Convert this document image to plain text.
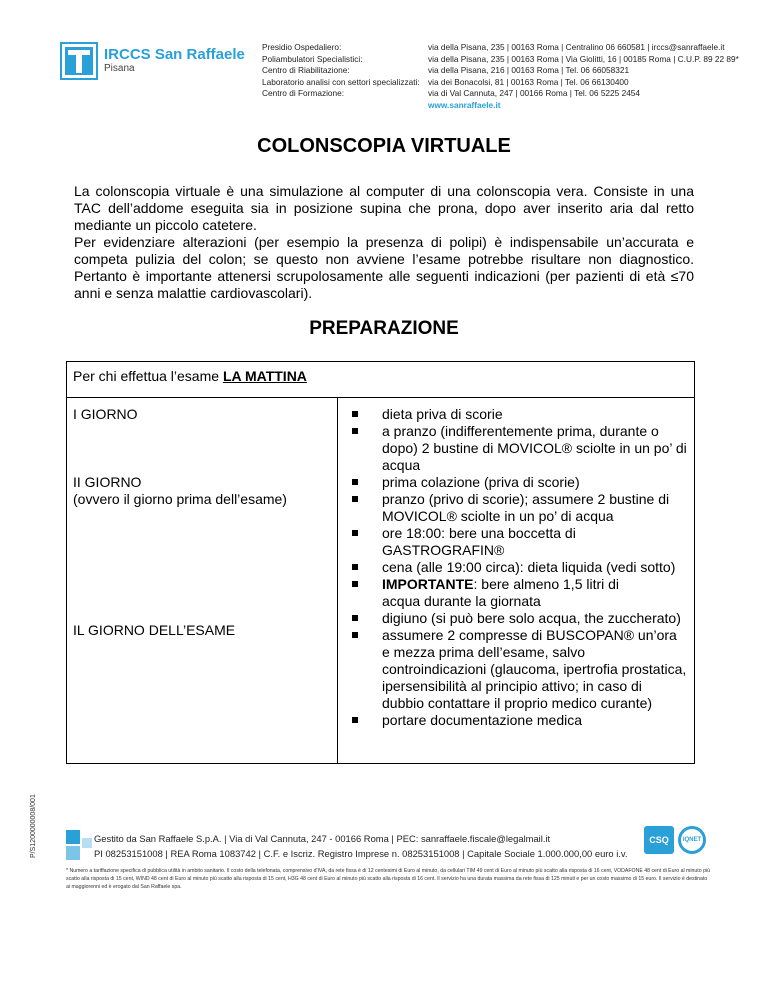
IRCCS San Raffaele
Pisana
Presidio Ospedaliero:
Poliambulatori Specialistici:
Centro di Riabilitazione:
Laboratorio analisi con settori specializzati:
Centro di Formazione:
via della Pisana, 235 | 00163 Roma | Centralino 06 660581 | irccs@sanraffaele.it
via della Pisana, 235 | 00163 Roma | Via Giolitti, 16 | 00185 Roma | C.U.P. 89 22 89*
via della Pisana, 216 | 00163 Roma | Tel. 06 66058321
via dei Bonacolsi, 81 | 00163 Roma | Tel. 06 66130400
via di Val Cannuta, 247 | 00166 Roma | Tel. 06 5225 2454
www.sanraffaele.it
COLONSCOPIA VIRTUALE

La colonscopia virtuale è una simulazione al computer di una colonscopia vera. Consiste in una TAC dell’addome eseguita sia in posizione supina che prona, dopo aver inserito aria dal retto mediante un piccolo catetere.

Per evidenziare alterazioni (per esempio la presenza di polipi) è indispensabile un’accurata e competa pulizia del colon; se questo non avviene l’esame potrebbe risultare non diagnostico. Pertanto è importante attenersi scrupolosamente alle seguenti indicazioni (per pazienti di età ≤70 anni e senza malattie cardiovascolari).

PREPARAZIONE
Per chi effettua l’esame LA MATTINA
I GIORNO
II GIORNO
(ovvero il giorno prima dell’esame)
IL GIORNO DELL’ESAME
dieta priva di scorie
a pranzo (indifferentemente prima, durante o dopo) 2 bustine di MOVICOL® sciolte in un po’ di acqua
prima colazione (priva di scorie)
pranzo (privo di scorie); assumere 2 bustine di MOVICOL® sciolte in un po’ di acqua
ore 18:00: bere una boccetta di GASTROGRAFIN®
cena (alle 19:00 circa): dieta liquida (vedi sotto)
IMPORTANTE: bere almeno 1,5 litri di
acqua durante la giornata
digiuno (si può bere solo acqua, the zuccherato)
assumere 2 compresse di BUSCOPAN® un’ora e mezza prima dell’esame, salvo controindicazioni (glaucoma, ipertrofia prostatica, ipersensibilità al principio attivo; in caso di dubbio contattare il proprio medico curante)
portare documentazione medica
P/S1200000008/001	Gestito da San Raffaele S.p.A. | Via di Val Cannuta, 247 - 00166 Roma | PEC: sanraffaele.fiscale@legalmail.it
PI 08253151008 | REA Roma 1083742 | C.F. e Iscriz. Registro Imprese n. 08253151008 | Capitale Sociale 1.000.000,00 euro i.v.
CSQ	IQNET
* Numero a tariffazione specifica di pubblica utilità in ambito sanitario. Il costo della telefonata, comprensivo d'IVA, da rete fissa è di 12 centesimi di Euro al minuto, da cellulari TIM 49 cent di Euro al minuto più scatto alla risposta di 16 cent, VODAFONE 48 cent di Euro al minuto più scatto alla risposta di 15 cent, WIND 48 cent di Euro al minuto più scatto alla risposta di 15 cent, H3G 48 cent di Euro al minuto più scatto alla risposta di 16 cent. Il servizio ha una durata massima da rete fissa di 125 minuti e per un costo massimo di 15 euro. Il servizio è destinato ai maggiorenni ed è erogato dal San Raffaele spa.
